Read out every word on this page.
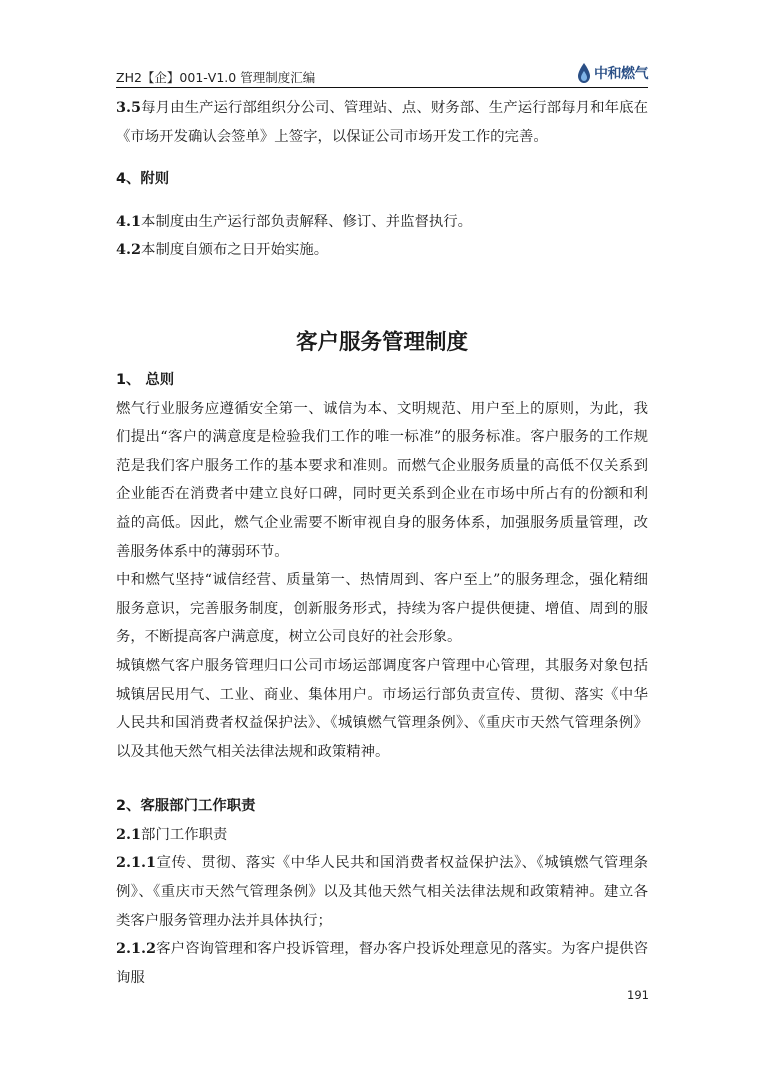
ZH2【企】001-V1.0 管理制度汇编	中和燃气

3.5每月由生产运行部组织分公司、管理站、点、财务部、生产运行部每月和年底在《市场开发确认会签单》上签字，以保证公司市场开发工作的完善。

4、附则

4.1本制度由生产运行部负责解释、修订、并监督执行。

4.2本制度自颁布之日开始实施。

客户服务管理制度

1、 总则

燃气行业服务应遵循安全第一、诚信为本、文明规范、用户至上的原则，为此，我们提出“客户的满意度是检验我们工作的唯一标准”的服务标准。客户服务的工作规范是我们客户服务工作的基本要求和准则。而燃气企业服务质量的高低不仅关系到企业能否在消费者中建立良好口碑，同时更关系到企业在市场中所占有的份额和利益的高低。因此，燃气企业需要不断审视自身的服务体系，加强服务质量管理，改善服务体系中的薄弱环节。

中和燃气坚持“诚信经营、质量第一、热情周到、客户至上”的服务理念，强化精细服务意识，完善服务制度，创新服务形式，持续为客户提供便捷、增值、周到的服务，不断提高客户满意度，树立公司良好的社会形象。

城镇燃气客户服务管理归口公司市场运部调度客户管理中心管理，其服务对象包括城镇居民用气、工业、商业、集体用户。市场运行部负责宣传、贯彻、落实《中华人民共和国消费者权益保护法》、《城镇燃气管理条例》、《重庆市天然气管理条例》以及其他天然气相关法律法规和政策精神。

2、客服部门工作职责

2.1部门工作职责

2.1.1宣传、贯彻、落实《中华人民共和国消费者权益保护法》、《城镇燃气管理条例》、《重庆市天然气管理条例》以及其他天然气相关法律法规和政策精神。建立各类客户服务管理办法并具体执行；

2.1.2客户咨询管理和客户投诉管理，督办客户投诉处理意见的落实。为客户提供咨询服

191
